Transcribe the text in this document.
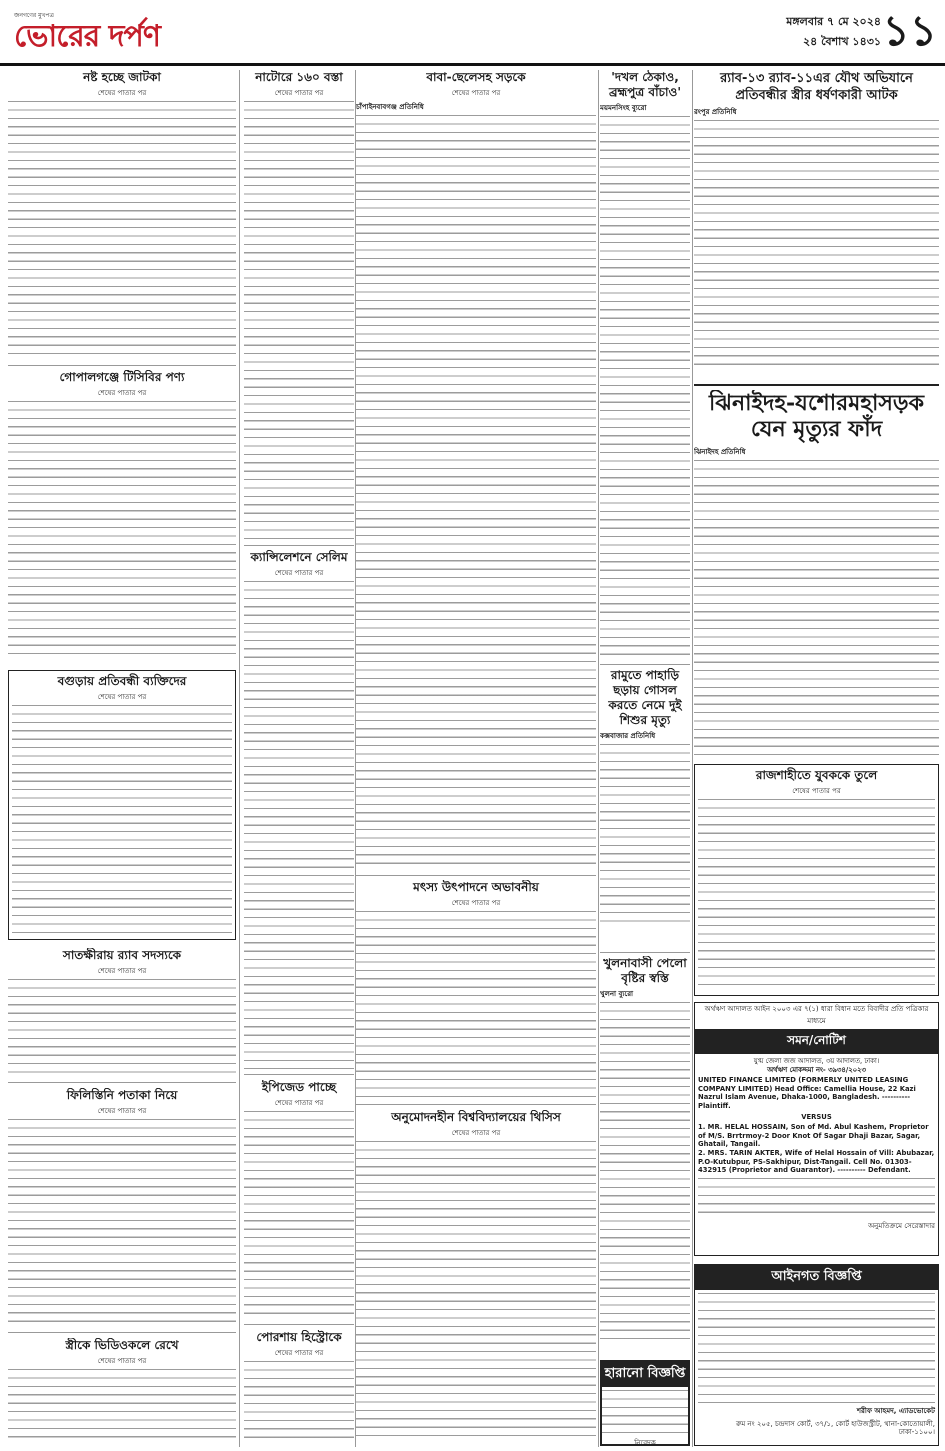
জনগণের মুখপত্র
ভোরের দর্পণ	মঙ্গলবার ৭ মে ২০২৪
২৪ বৈশাখ ১৪৩১ ১১
নষ্ট হচ্ছে জাটকা
শেষের পাতার পর
গোপালগঞ্জে টিসিবির পণ্য
শেষের পাতার পর
বগুড়ায় প্রতিবন্ধী ব্যক্তিদের
শেষের পাতার পর
সাতক্ষীরায় র‌্যাব সদস্যকে
শেষের পাতার পর
ফিলিস্তিনি পতাকা নিয়ে
শেষের পাতার পর
স্ত্রীকে ভিডিওকলে রেখে
শেষের পাতার পর
নাটোরে ১৬০ বস্তা
শেষের পাতার পর
ক্যান্সিলেশনে সেলিম
শেষের পাতার পর
ইপিজেড পাচ্ছে
শেষের পাতার পর
পোরশায় হিস্ট্রোকে
শেষের পাতার পর
বাবা-ছেলেসহ সড়কে
শেষের পাতার পর
চাঁপাইনবাবগঞ্জ প্রতিনিধি
মৎস্য উৎপাদনে অভাবনীয়
শেষের পাতার পর
অনুমোদনহীন বিশ্ববিদ্যালয়ের থিসিস
শেষের পাতার পর
'দখল ঠেকাও, ব্রহ্মপুত্র বাঁচাও'
ময়মনসিংহ ব্যুরো
রামুতে পাহাড়ি ছড়ায় গোসল করতে নেমে দুই শিশুর মৃত্যু
কক্সবাজার প্রতিনিধি
খুলনাবাসী পেলো বৃষ্টির স্বস্তি
খুলনা ব্যুরো
হারানো বিজ্ঞপ্তি
নিবেদক
র‌্যাব-১৩ র‌্যাব-১১এর যৌথ অভিযানে প্রতিবন্ধীর স্ত্রীর ধর্ষণকারী আটক
রংপুর প্রতিনিধি
ঝিনাইদহ-যশোরমহাসড়ক যেন মৃত্যুর ফাঁদ
ঝিনাইদহ প্রতিনিধি
রাজশাহীতে যুবককে তুলে
শেষের পাতার পর
অর্থঋণ আদালত আইন ২০০৩ এর ৭(১) ধারা বিধান মতে বিবাদীর প্রতি পত্রিকার মাধ্যমে
সমন/নোটিশ
যুগ্ম জেলা জজ আদালত, ৩য় আদালত, ঢাকা।
অর্থঋণ মোকদ্দমা নং- ৩৯৩৪/২০২৩
UNITED FINANCE LIMITED (FORMERLY UNITED LEASING COMPANY LIMITED) Head Office: Camellia House, 22 Kazi Nazrul Islam Avenue, Dhaka-1000, Bangladesh. ---------- Plaintiff.
VERSUS
1. MR. HELAL HOSSAIN, Son of Md. Abul Kashem, Proprietor of M/S. Brrtrmoy-2 Door Knot Of Sagar Dhaji Bazar, Sagar, Ghatail, Tangail.
2. MRS. TARIN AKTER, Wife of Helal Hossain of Vill: Abubazar, P.O-Kutubpur, PS-Sakhipur, Dist-Tangail. Cell No. 01303-432915 (Proprietor and Guarantor). ---------- Defendant.
অনুমতিক্রমে সেরেস্তাদার
আইনগত বিজ্ঞপ্তি
শরীফ আহমদ, এ্যাডভোকেট
রুম নং ২০৫, চন্দ্রদাস কোর্ট, ৩৭/১, কোর্ট হাউজস্ট্রীট, থানা-কোতোয়ালী, ঢাকা-১১০০।
